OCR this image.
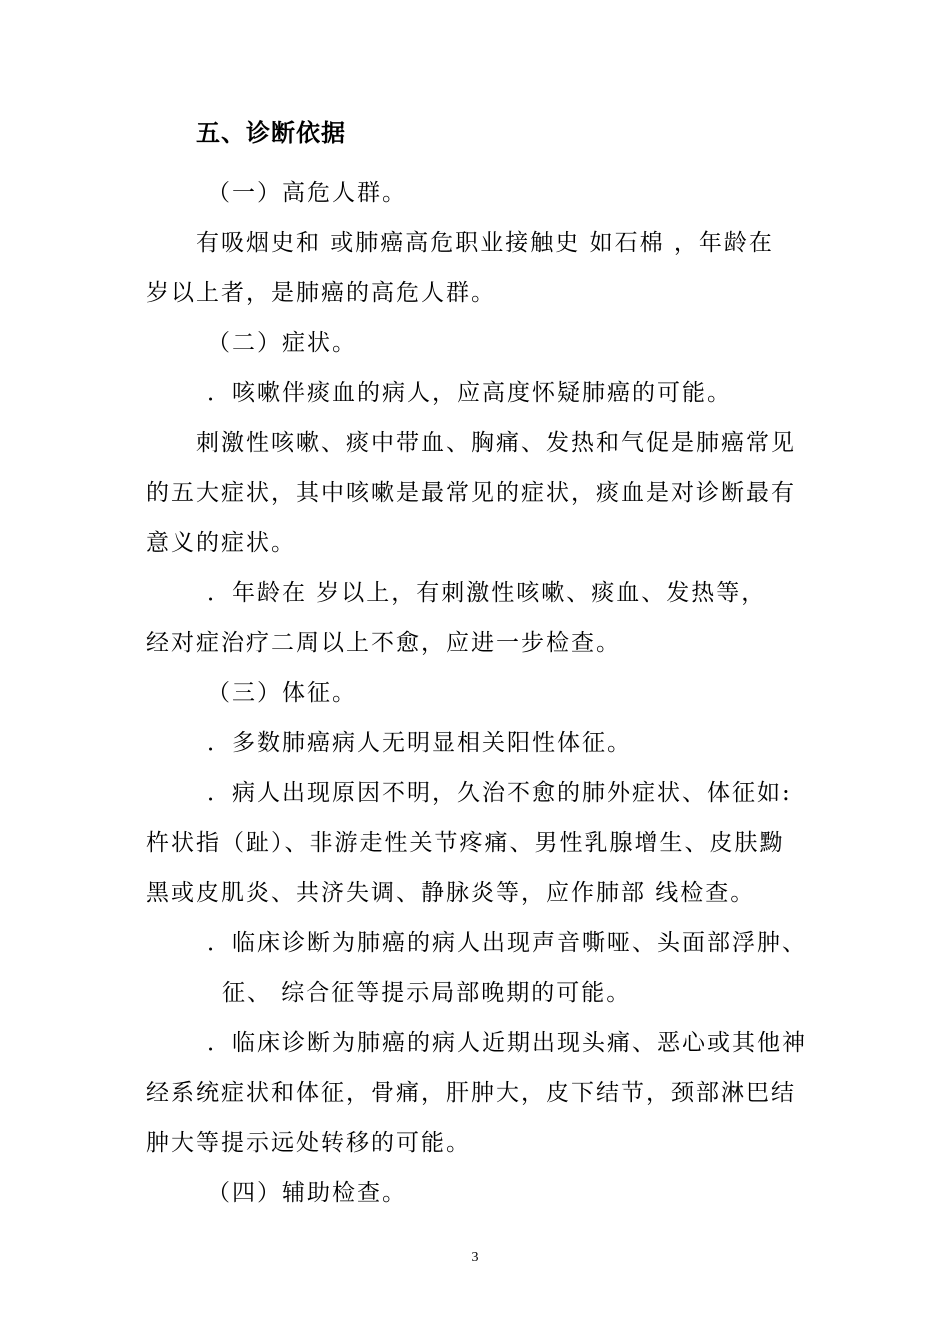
五、诊断依据
（一）高危人群。
有吸烟史和 或肺癌高危职业接触史 如石棉 ，年龄在
岁以上者，是肺癌的高危人群。
（二）症状。
．咳嗽伴痰血的病人，应高度怀疑肺癌的可能。
刺激性咳嗽、痰中带血、胸痛、发热和气促是肺癌常见
的五大症状，其中咳嗽是最常见的症状，痰血是对诊断最有
意义的症状。
．年龄在 岁以上，有刺激性咳嗽、痰血、发热等，
经对症治疗二周以上不愈，应进一步检查。
（三）体征。
．多数肺癌病人无明显相关阳性体征。
．病人出现原因不明，久治不愈的肺外症状、体征如:
杵状指（趾）、非游走性关节疼痛、男性乳腺增生、皮肤黝
黑或皮肌炎、共济失调、静脉炎等，应作肺部 线检查。
．临床诊断为肺癌的病人出现声音嘶哑、头面部浮肿、
征、 综合征等提示局部晚期的可能。
．临床诊断为肺癌的病人近期出现头痛、恶心或其他神
经系统症状和体征，骨痛，肝肿大，皮下结节，颈部淋巴结
肿大等提示远处转移的可能。
（四）辅助检查。
3
